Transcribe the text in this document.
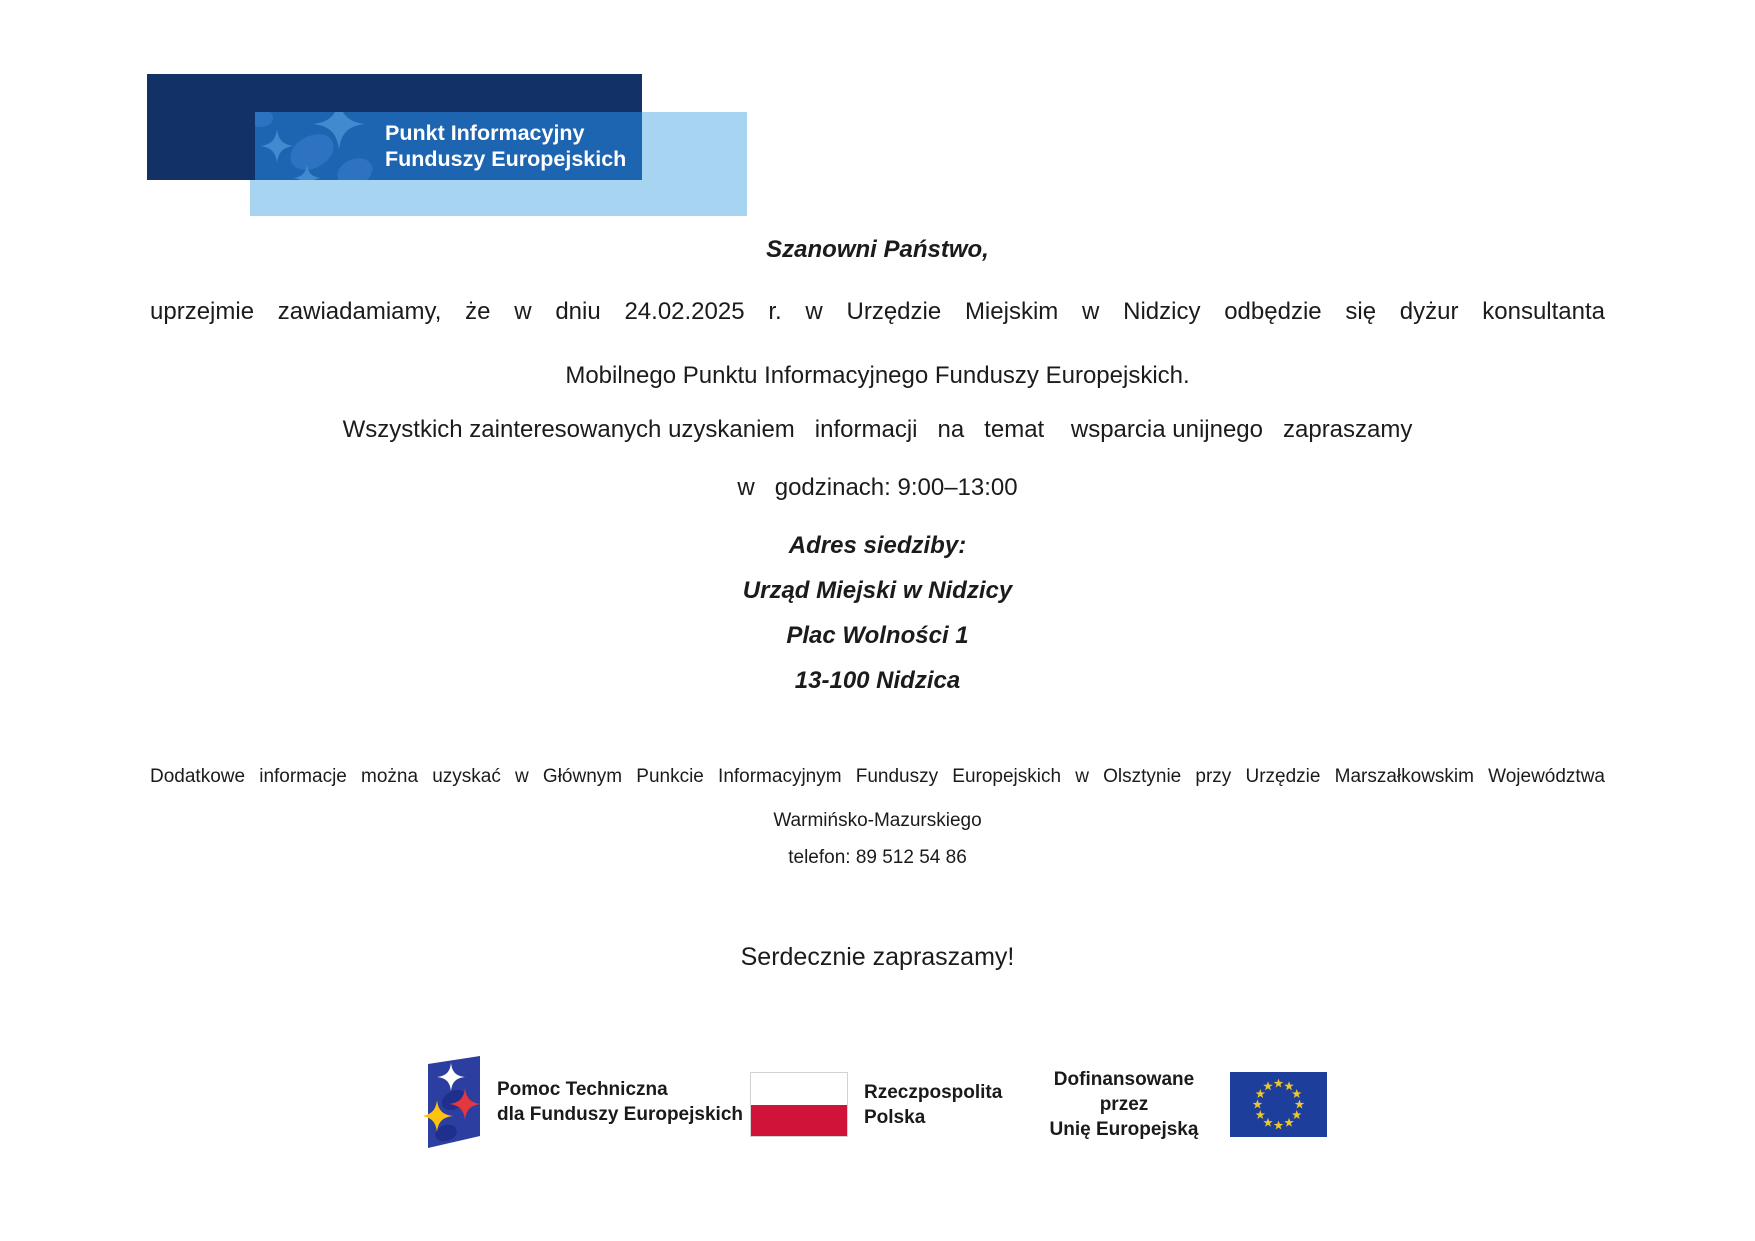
Punkt Informacyjny
Funduszy Europejskich
Szanowni Państwo,
uprzejmie zawiadamiamy, że w dniu 24.02.2025 r. w Urzędzie Miejskim w Nidzicy odbędzie się dyżur konsultanta
Mobilnego Punktu Informacyjnego Funduszy Europejskich.
Wszystkich zainteresowanych uzyskaniem   informacji   na   temat    wsparcia unijnego   zapraszamy
w   godzinach: 9:00–13:00
Adres siedziby:
Urząd Miejski w Nidzicy
Plac Wolności 1
13-100 Nidzica
Dodatkowe informacje można uzyskać w Głównym Punkcie Informacyjnym Funduszy Europejskich w Olsztynie przy Urzędzie Marszałkowskim Województwa
Warmińsko-Mazurskiego
telefon: 89 512 54 86
Serdecznie zapraszamy!
Pomoc Techniczna
dla Funduszy Europejskich
Rzeczpospolita
Polska
Dofinansowane przez
Unię Europejską
